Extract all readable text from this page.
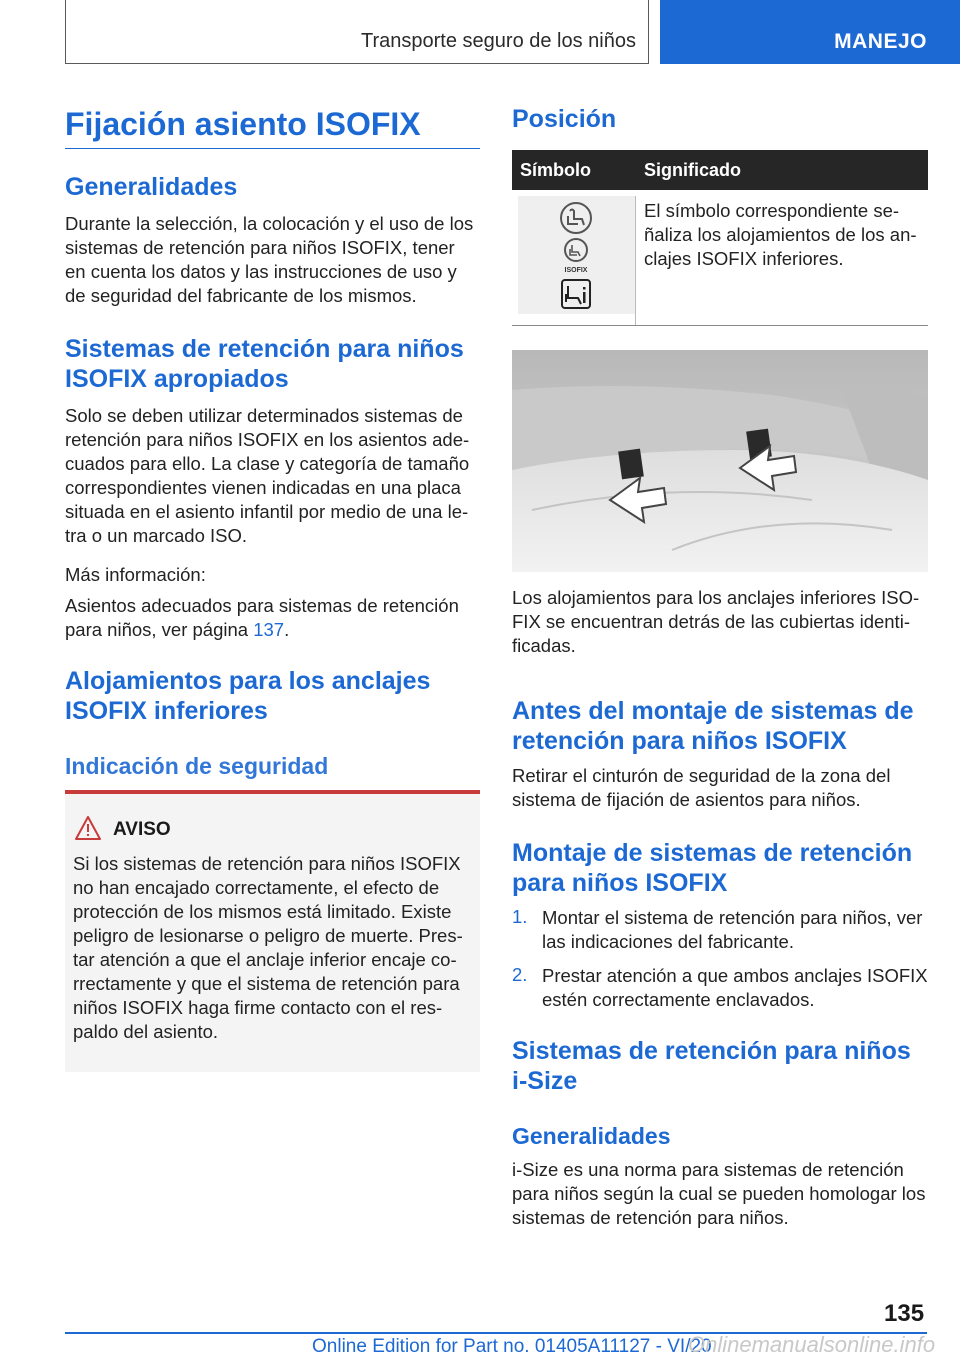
Transporte seguro de los niños	MANEJO
Fijación asiento ISOFIX
Generalidades
Durante la selección, la colocación y el uso de los sistemas de retención para niños ISOFIX, tener en cuenta los datos y las instrucciones de uso y de seguridad del fabricante de los mismos.
Sistemas de retención para niños ISOFIX apropiados
Solo se deben utilizar determinados sistemas de retención para niños ISOFIX en los asientos adecuados para ello. La clase y categoría de tamaño correspondientes vienen indicadas en una placa situada en el asiento infantil por medio de una letra o un marcado ISO.
Más información:
Asientos adecuados para sistemas de retención para niños, ver página 137.
Alojamientos para los anclajes ISOFIX inferiores
Indicación de seguridad
AVISO
Si los sistemas de retención para niños ISOFIX no han encajado correctamente, el efecto de protección de los mismos está limitado. Existe peligro de lesionarse o peligro de muerte. Prestar atención a que el anclaje inferior encaje correctamente y que el sistema de retención para niños ISOFIX haga firme contacto con el respaldo del asiento.
Posición
Símbolo	Significado
ISOFIX
El símbolo correspondiente señaliza los alojamientos de los anclajes ISOFIX inferiores.
Los alojamientos para los anclajes inferiores ISOFIX se encuentran detrás de las cubiertas identificadas.
Antes del montaje de sistemas de retención para niños ISOFIX
Retirar el cinturón de seguridad de la zona del sistema de fijación de asientos para niños.
Montaje de sistemas de retención para niños ISOFIX
1. Montar el sistema de retención para niños, ver las indicaciones del fabricante.
2. Prestar atención a que ambos anclajes ISOFIX estén correctamente enclavados.
Sistemas de retención para niños i-Size
Generalidades
i-Size es una norma para sistemas de retención para niños según la cual se pueden homologar los sistemas de retención para niños.
135
Online Edition for Part no. 01405A11127 - VI/20
Onlinemanualsonline.info
